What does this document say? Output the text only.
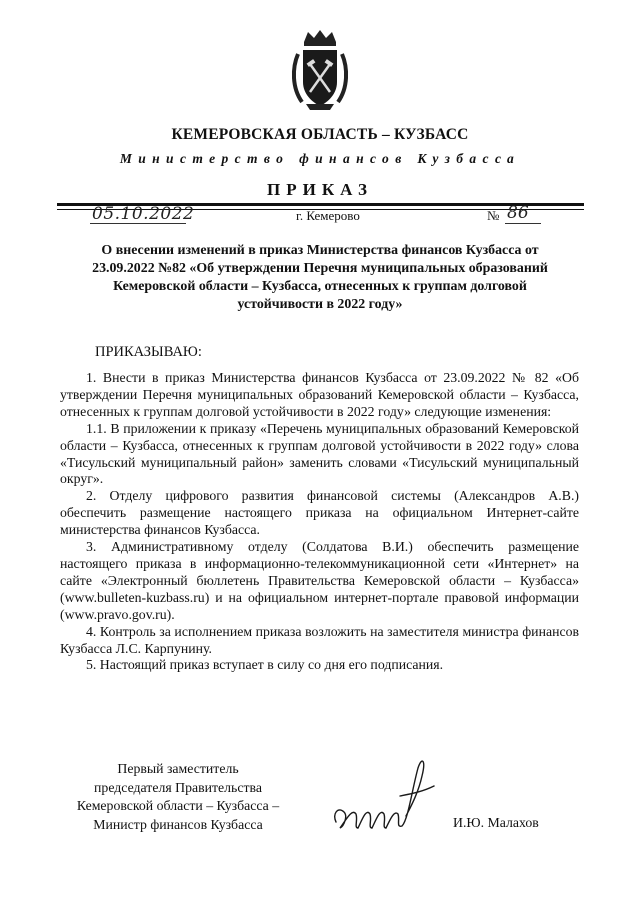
КЕМЕРОВСКАЯ ОБЛАСТЬ – КУЗБАСС
Министерство финансов Кузбасса
ПРИКАЗ
05.10.2022	г. Кемерово	№ 86
О внесении изменений в приказ Министерства финансов Кузбасса от
23.09.2022 №82 «Об утверждении Перечня муниципальных образований
Кемеровской области – Кузбасса, отнесенных к группам долговой
устойчивости в 2022 году»
ПРИКАЗЫВАЮ:

1. Внести в приказ Министерства финансов Кузбасса от 23.09.2022 № 82 «Об утверждении Перечня муниципальных образований Кемеровской области – Кузбасса, отнесенных к группам долговой устойчивости в 2022 году» следующие изменения:

1.1. В приложении к приказу «Перечень муниципальных образований Кемеровской области – Кузбасса, отнесенных к группам долговой устойчивости в 2022 году» слова «Тисульский муниципальный район» заменить словами «Тисульский муниципальный округ».

2. Отделу цифрового развития финансовой системы (Александров А.В.) обеспечить размещение настоящего приказа на официальном Интернет-сайте министерства финансов Кузбасса.

3. Административному отделу (Солдатова В.И.) обеспечить размещение настоящего приказа в информационно-телекоммуникационной сети «Интернет» на сайте «Электронный бюллетень Правительства Кемеровской области – Кузбасса» (www.bulleten-kuzbass.ru) и на официальном интернет-портале правовой информации (www.pravo.gov.ru).

4. Контроль за исполнением приказа возложить на заместителя министра финансов Кузбасса Л.С. Карпунину.

5. Настоящий приказ вступает в силу со дня его подписания.

Первый заместитель
председателя Правительства
Кемеровской области – Кузбасса –
Министр финансов Кузбасса	И.Ю. Малахов
